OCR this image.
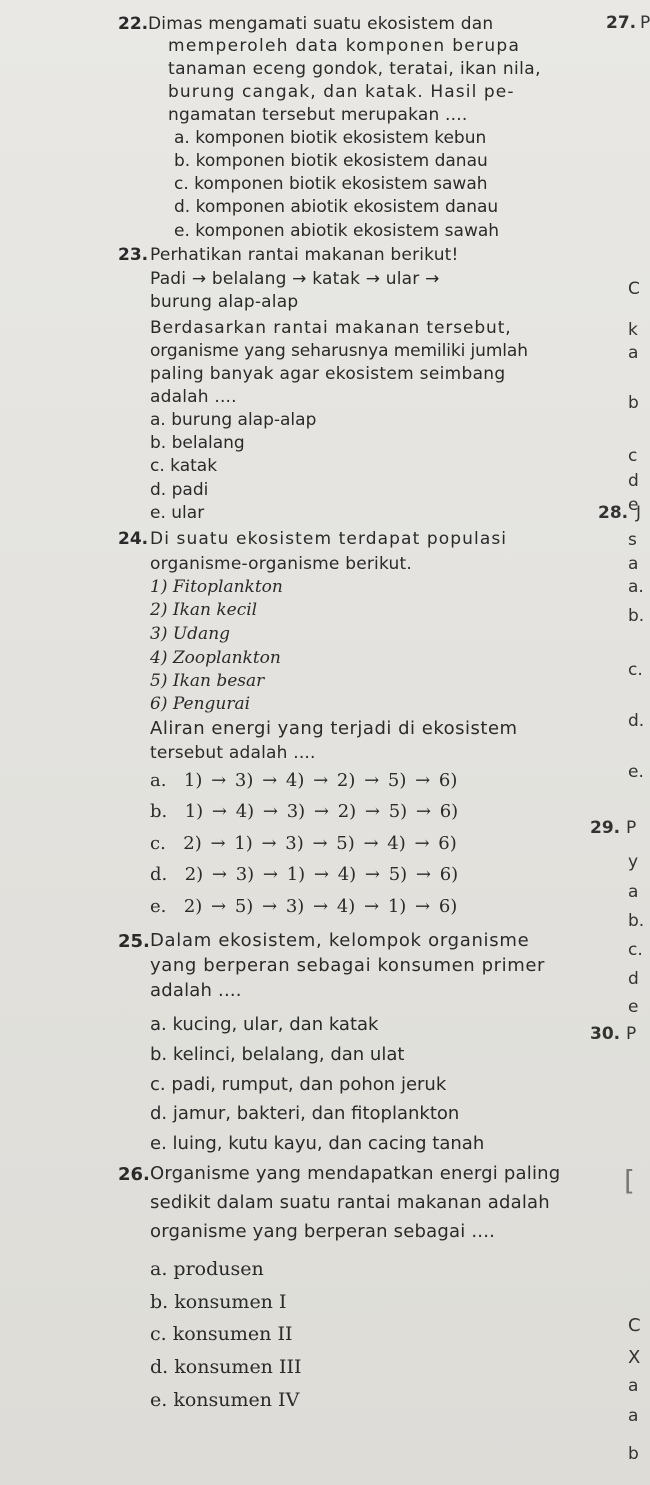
22. Dimas mengamati suatu ekosistem dan
memperoleh data komponen berupa
tanaman eceng gondok, teratai, ikan nila,
burung cangak, dan katak. Hasil pe-
ngamatan tersebut merupakan ....
a. komponen biotik ekosistem kebun
b. komponen biotik ekosistem danau
c. komponen biotik ekosistem sawah
d. komponen abiotik ekosistem danau
e. komponen abiotik ekosistem sawah
23. Perhatikan rantai makanan berikut!
Padi → belalang → katak → ular →
burung alap-alap
Berdasarkan rantai makanan tersebut,
organisme yang seharusnya memiliki jumlah
paling banyak agar ekosistem seimbang
adalah ....
a. burung alap-alap
b. belalang
c. katak
d. padi
e. ular
24. Di suatu ekosistem terdapat populasi
organisme-organisme berikut.
1) Fitoplankton
2) Ikan kecil
3) Udang
4) Zooplankton
5) Ikan besar
6) Pengurai
Aliran energi yang terjadi di ekosistem
tersebut adalah ....
a. 1) → 3) → 4) → 2) → 5) → 6)
b. 1) → 4) → 3) → 2) → 5) → 6)
c. 2) → 1) → 3) → 5) → 4) → 6)
d. 2) → 3) → 1) → 4) → 5) → 6)
e. 2) → 5) → 3) → 4) → 1) → 6)
25. Dalam ekosistem, kelompok organisme
yang berperan sebagai konsumen primer
adalah ....
a. kucing, ular, dan katak
b. kelinci, belalang, dan ulat
c. padi, rumput, dan pohon jeruk
d. jamur, bakteri, dan fitoplankton
e. luing, kutu kayu, dan cacing tanah
26. Organisme yang mendapatkan energi paling
sedikit dalam suatu rantai makanan adalah
organisme yang berperan sebagai ....
a. produsen
b. konsumen I
c. konsumen II
d. konsumen III
e. konsumen IV
27. P
C
k
a
b
c
d
e
28. J
s
a
a.
b.
c.
d.
e.
29. P
y
a
b.
c.
d
e
30. P
C
X
a
a
b
[
